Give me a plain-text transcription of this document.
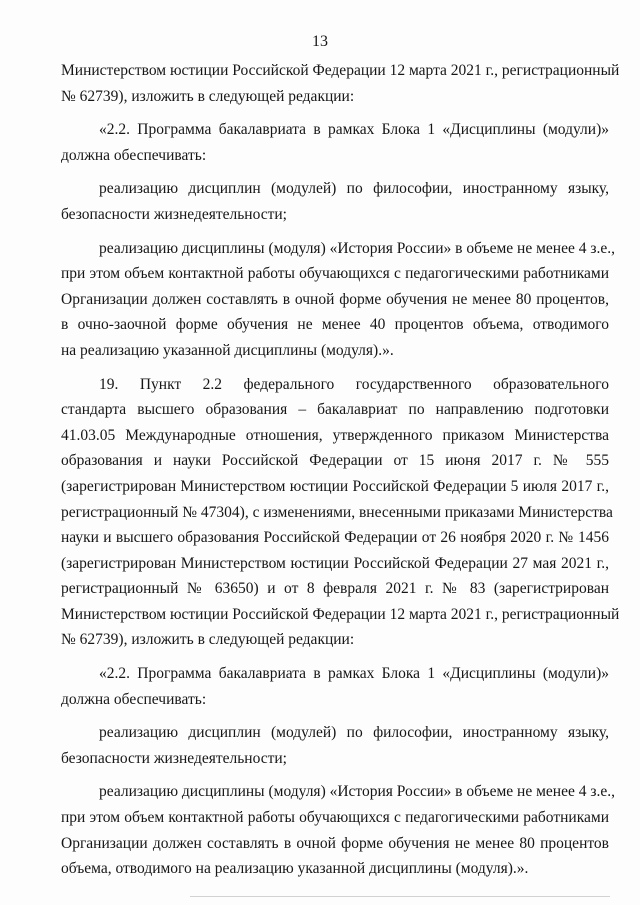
13
Министерством юстиции Российской Федерации 12 марта 2021 г., регистрационный
№ 62739), изложить в следующей редакции:
«2.2. Программа бакалавриата в рамках Блока 1 «Дисциплины (модули)»
должна обеспечивать:
реализацию дисциплин (модулей) по философии, иностранному языку,
безопасности жизнедеятельности;
реализацию дисциплины (модуля) «История России» в объеме не менее 4 з.е.,
при этом объем контактной работы обучающихся с педагогическими работниками
Организации должен составлять в очной форме обучения не менее 80 процентов,
в очно-заочной форме обучения не менее 40 процентов объема, отводимого
на реализацию указанной дисциплины (модуля).».
19. Пункт 2.2 федерального государственного образовательного
стандарта высшего образования – бакалавриат по направлению подготовки
41.03.05 Международные отношения, утвержденного приказом Министерства
образования и науки Российской Федерации от 15 июня 2017 г. № 555
(зарегистрирован Министерством юстиции Российской Федерации 5 июля 2017 г.,
регистрационный № 47304), с изменениями, внесенными приказами Министерства
науки и высшего образования Российской Федерации от 26 ноября 2020 г. № 1456
(зарегистрирован Министерством юстиции Российской Федерации 27 мая 2021 г.,
регистрационный № 63650) и от 8 февраля 2021 г. № 83 (зарегистрирован
Министерством юстиции Российской Федерации 12 марта 2021 г., регистрационный
№ 62739), изложить в следующей редакции:
«2.2. Программа бакалавриата в рамках Блока 1 «Дисциплины (модули)»
должна обеспечивать:
реализацию дисциплин (модулей) по философии, иностранному языку,
безопасности жизнедеятельности;
реализацию дисциплины (модуля) «История России» в объеме не менее 4 з.е.,
при этом объем контактной работы обучающихся с педагогическими работниками
Организации должен составлять в очной форме обучения не менее 80 процентов
объема, отводимого на реализацию указанной дисциплины (модуля).».
